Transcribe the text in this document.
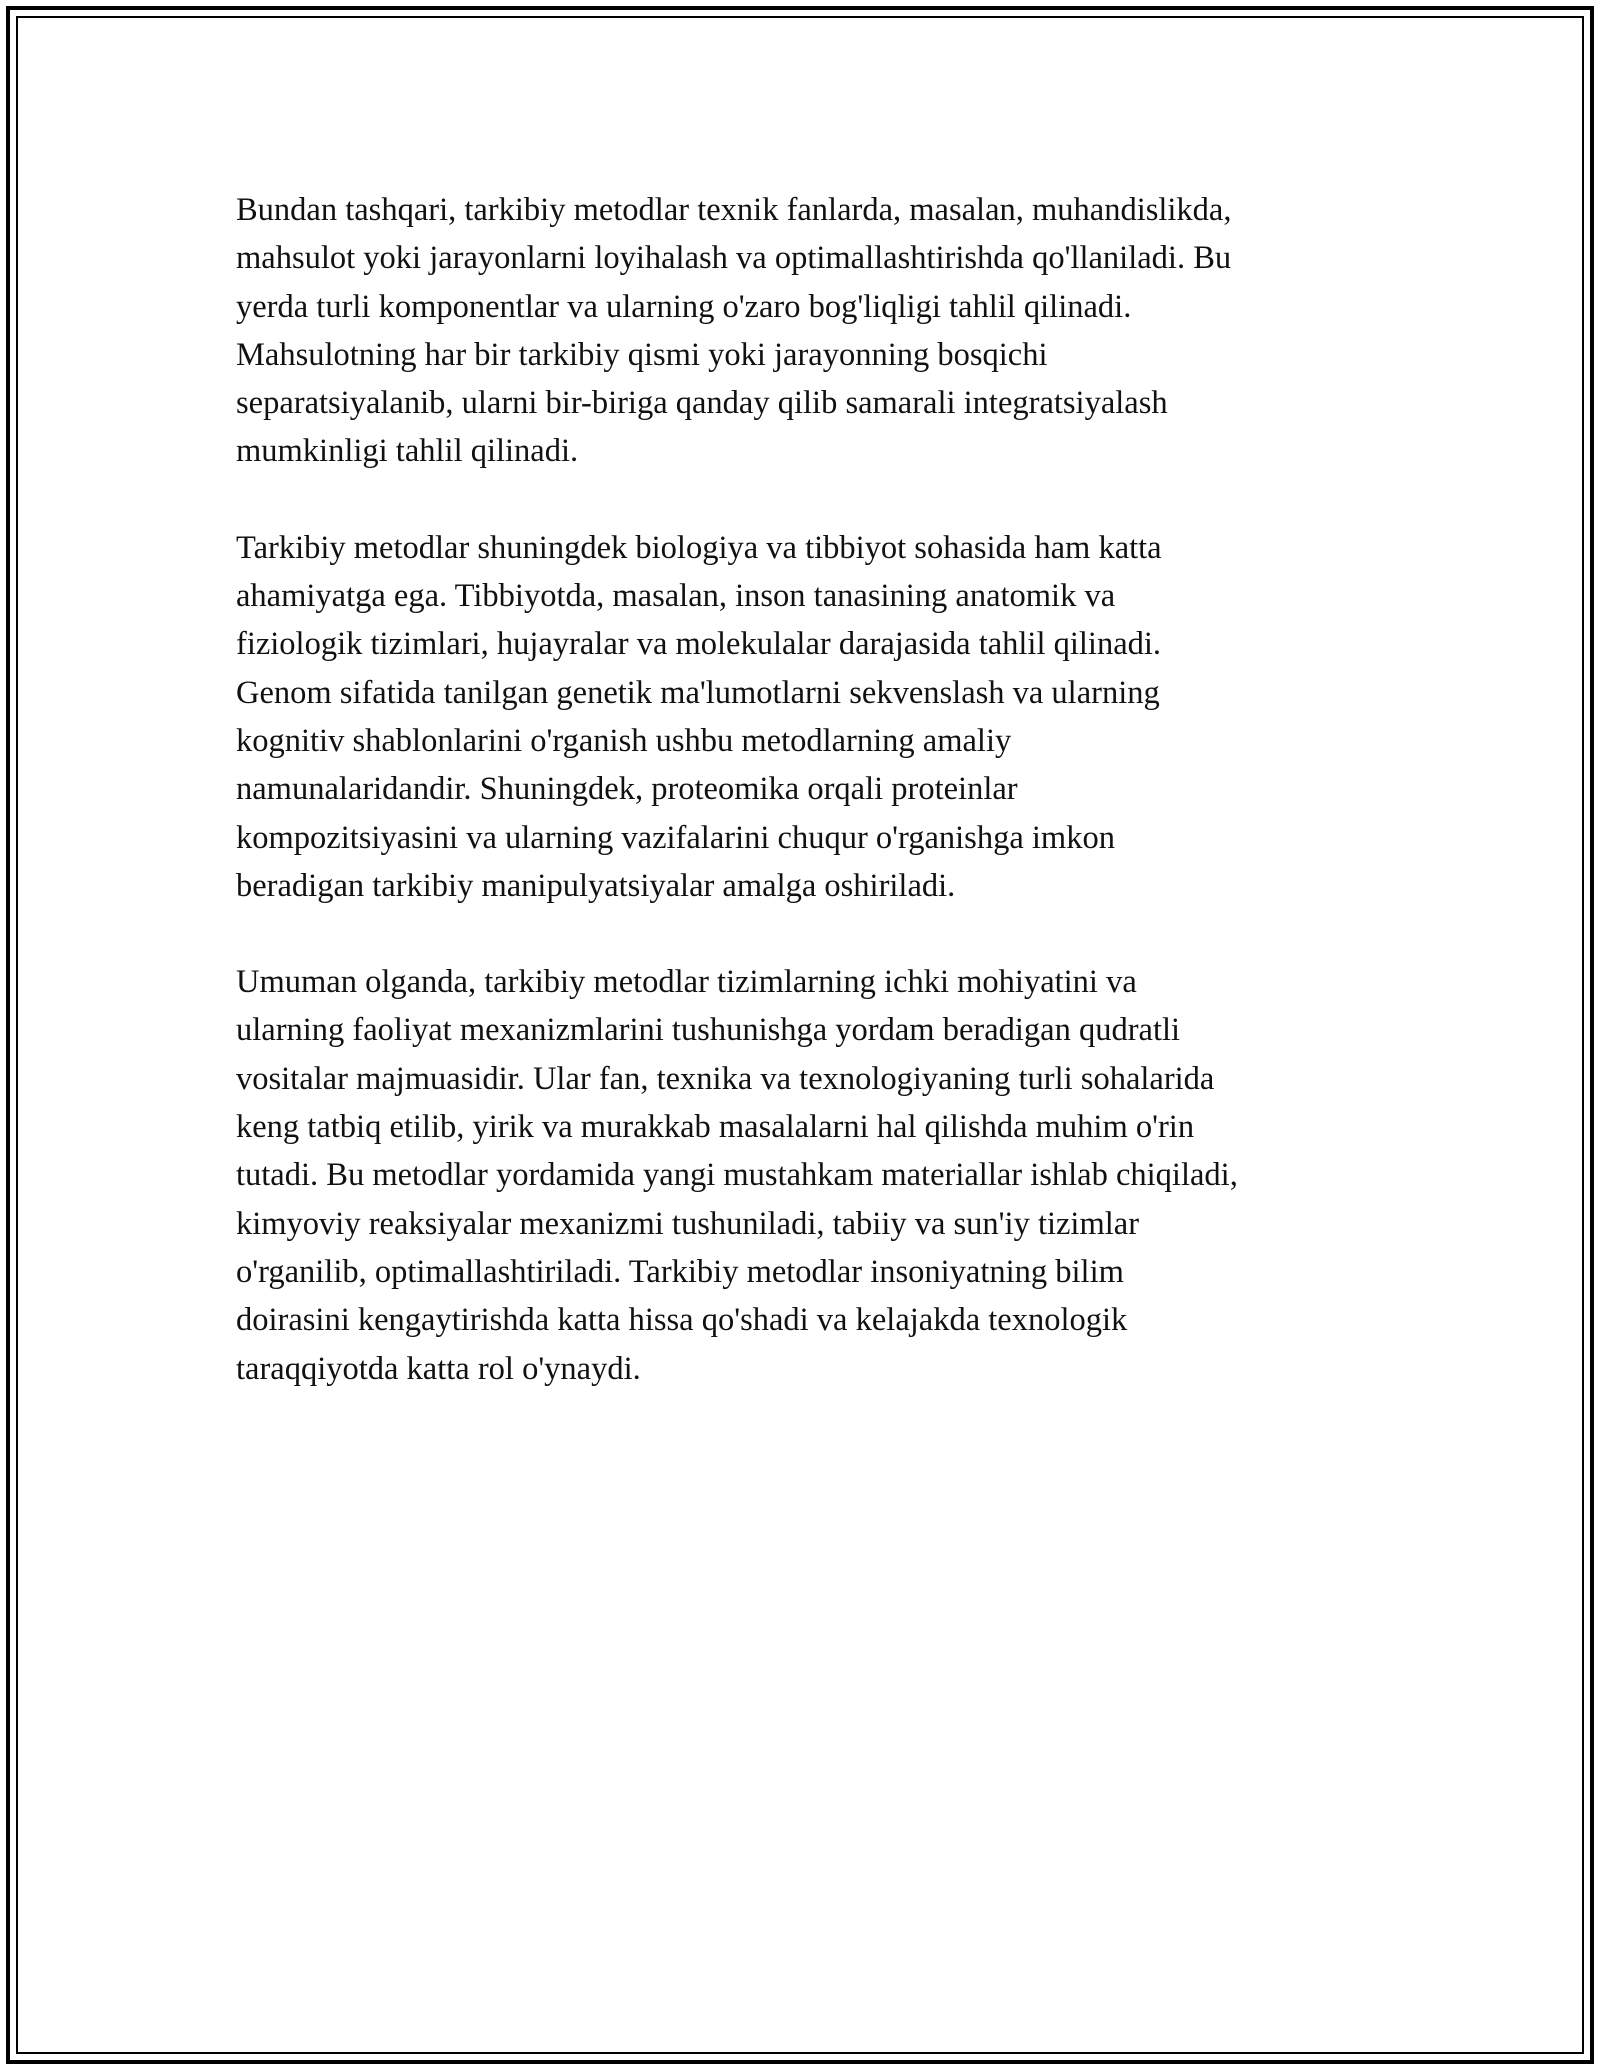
Bundan tashqari, tarkibiy metodlar texnik fanlarda, masalan, muhandislikda,
mahsulot yoki jarayonlarni loyihalash va optimallashtirishda qo'llaniladi. Bu
yerda turli komponentlar va ularning o'zaro bog'liqligi tahlil qilinadi.
Mahsulotning har bir tarkibiy qismi yoki jarayonning bosqichi
separatsiyalanib, ularni bir-biriga qanday qilib samarali integratsiyalash
mumkinligi tahlil qilinadi.

Tarkibiy metodlar shuningdek biologiya va tibbiyot sohasida ham katta
ahamiyatga ega. Tibbiyotda, masalan, inson tanasining anatomik va
fiziologik tizimlari, hujayralar va molekulalar darajasida tahlil qilinadi.
Genom sifatida tanilgan genetik ma'lumotlarni sekvenslash va ularning
kognitiv shablonlarini o'rganish ushbu metodlarning amaliy
namunalaridandir. Shuningdek, proteomika orqali proteinlar
kompozitsiyasini va ularning vazifalarini chuqur o'rganishga imkon
beradigan tarkibiy manipulyatsiyalar amalga oshiriladi.

Umuman olganda, tarkibiy metodlar tizimlarning ichki mohiyatini va
ularning faoliyat mexanizmlarini tushunishga yordam beradigan qudratli
vositalar majmuasidir. Ular fan, texnika va texnologiyaning turli sohalarida
keng tatbiq etilib, yirik va murakkab masalalarni hal qilishda muhim o'rin
tutadi. Bu metodlar yordamida yangi mustahkam materiallar ishlab chiqiladi,
kimyoviy reaksiyalar mexanizmi tushuniladi, tabiiy va sun'iy tizimlar
o'rganilib, optimallashtiriladi. Tarkibiy metodlar insoniyatning bilim
doirasini kengaytirishda katta hissa qo'shadi va kelajakda texnologik
taraqqiyotda katta rol o'ynaydi.
